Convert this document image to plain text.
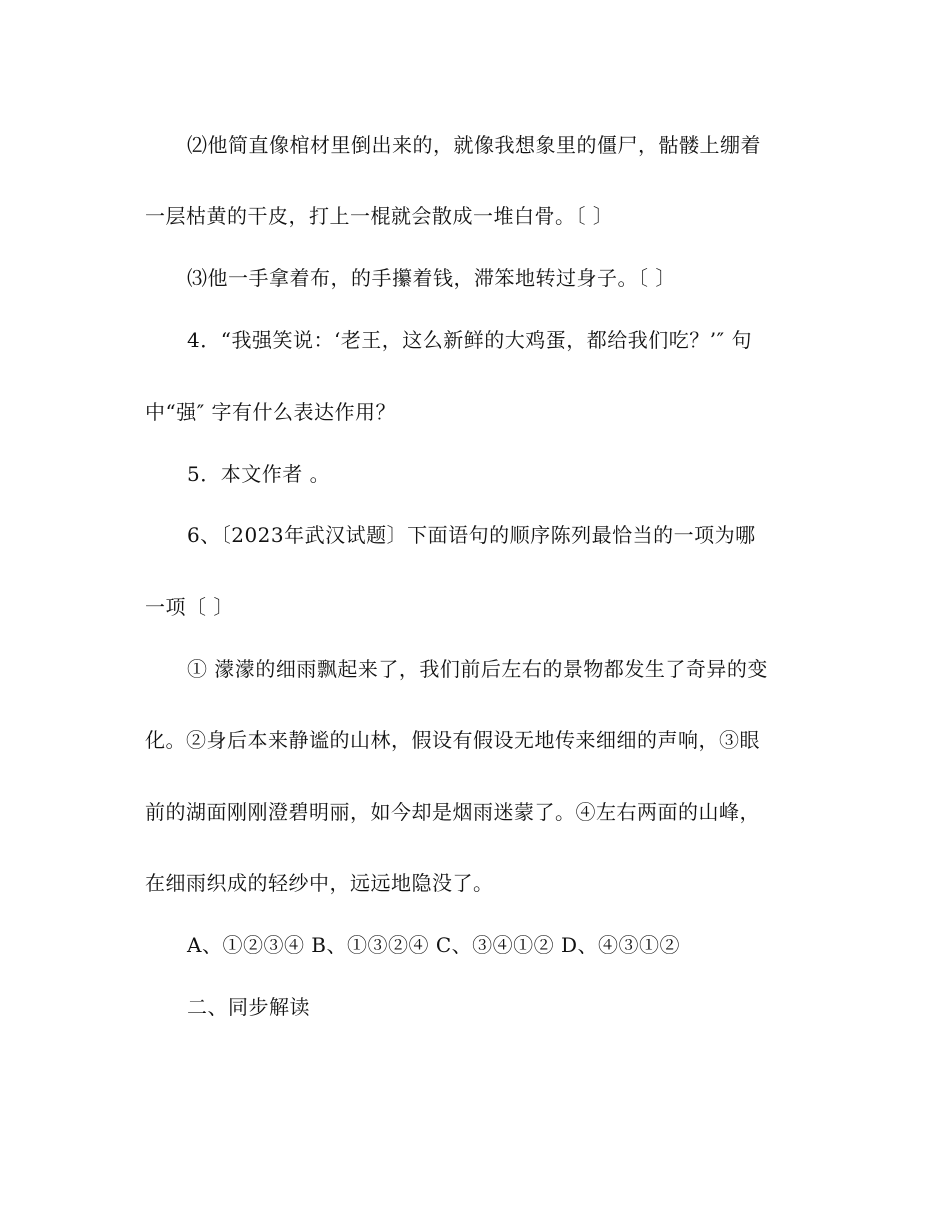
⑵他简直像棺材里倒出来的，就像我想象里的僵尸，骷髅上绷着
一层枯黄的干皮，打上一棍就会散成一堆白骨。〔 〕
⑶他一手拿着布，的手攥着钱，滞笨地转过身子。〔 〕
4．“我强笑说：‘老王，这么新鲜的大鸡蛋，都给我们吃？’″ 句
中“强″ 字有什么表达作用？
5．本文作者 。
6、〔2023年武汉试题〕下面语句的顺序陈列最恰当的一项为哪
一项〔 〕
① 濛濛的细雨飘起来了，我们前后左右的景物都发生了奇异的变
化。②身后本来静谧的山林，假设有假设无地传来细细的声响，③眼
前的湖面刚刚澄碧明丽，如今却是烟雨迷蒙了。④左右两面的山峰，
在细雨织成的轻纱中，远远地隐没了。
A、①②③④ B、①③②④ C、③④①② D、④③①②
二、同步解读
